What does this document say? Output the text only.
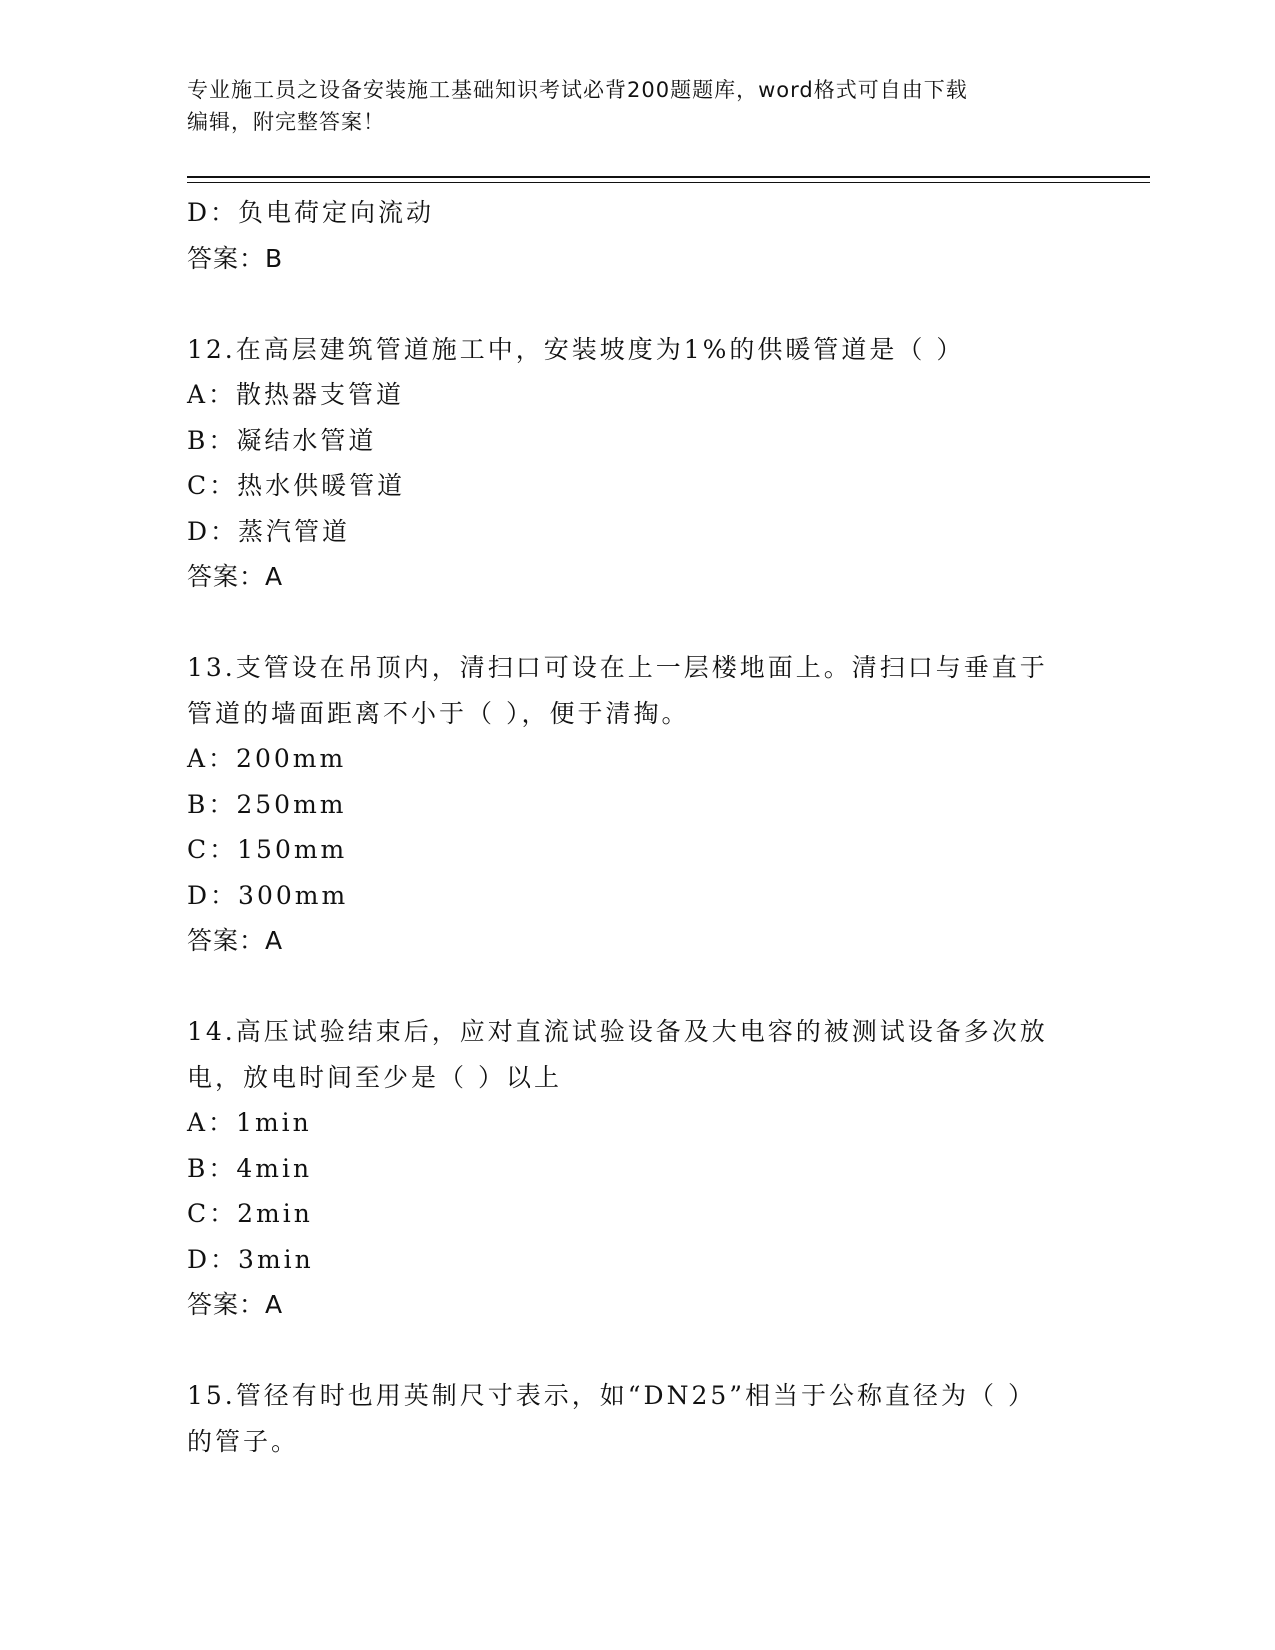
专业施工员之设备安装施工基础知识考试必背200题题库，word格式可自由下载
编辑，附完整答案！
D：负电荷定向流动
答案：B
12.在高层建筑管道施工中，安装坡度为1%的供暖管道是（ ）
A：散热器支管道
B：凝结水管道
C：热水供暖管道
D：蒸汽管道
答案：A
13.支管设在吊顶内，清扫口可设在上一层楼地面上。清扫口与垂直于
管道的墙面距离不小于（ ），便于清掏。
A：200mm
B：250mm
C：150mm
D：300mm
答案：A
14.高压试验结束后，应对直流试验设备及大电容的被测试设备多次放
电，放电时间至少是（ ）以上
A：1min
B：4min
C：2min
D：3min
答案：A
15.管径有时也用英制尺寸表示，如“DN25”相当于公称直径为（ ）
的管子。
